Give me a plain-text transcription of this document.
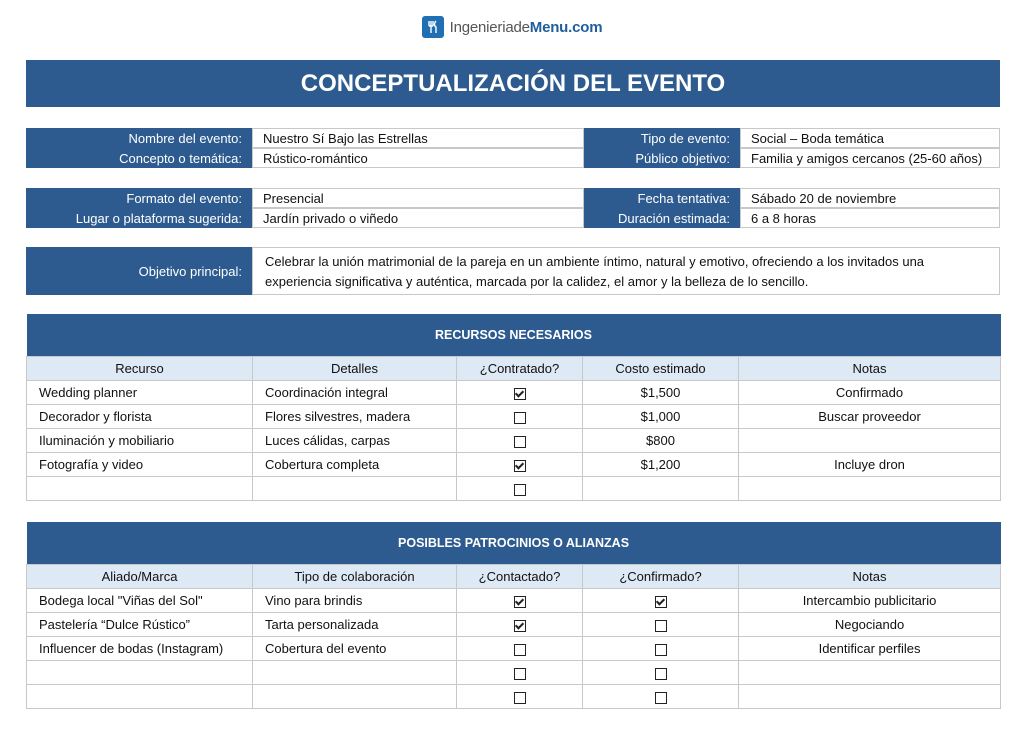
IngenieriadeMenu.com
CONCEPTUALIZACIÓN DEL EVENTO
Nombre del evento:	Nuestro Sí Bajo las Estrellas	Tipo de evento:	Social – Boda temática
Concepto o temática:	Rústico-romántico	Público objetivo:	Familia y amigos cercanos (25-60 años)
Formato del evento:	Presencial	Fecha tentativa:	Sábado 20 de noviembre
Lugar o plataforma sugerida:	Jardín privado o viñedo	Duración estimada:	6 a 8 horas
Objetivo principal:
Celebrar la unión matrimonial de la pareja en un ambiente íntimo, natural y emotivo, ofreciendo a los invitados una experiencia significativa y auténtica, marcada por la calidez, el amor y la belleza de lo sencillo.
RECURSOS NECESARIOS				
Recurso	Detalles	¿Contratado?	Costo estimado	Notas
Wedding planner	Coordinación integral		$1,500	Confirmado
Decorador y florista	Flores silvestres, madera		$1,000	Buscar proveedor
Iluminación y mobiliario	Luces cálidas, carpas		$800	
Fotografía y video	Cobertura completa		$1,200	Incluye dron

POSIBLES PATROCINIOS O ALIANZAS				
Aliado/Marca	Tipo de colaboración	¿Contactado?	¿Confirmado?	Notas
Bodega local "Viñas del Sol"	Vino para brindis			Intercambio publicitario
Pastelería “Dulce Rústico”	Tarta personalizada			Negociando
Influencer de bodas (Instagram)	Cobertura del evento			Identificar perfiles
